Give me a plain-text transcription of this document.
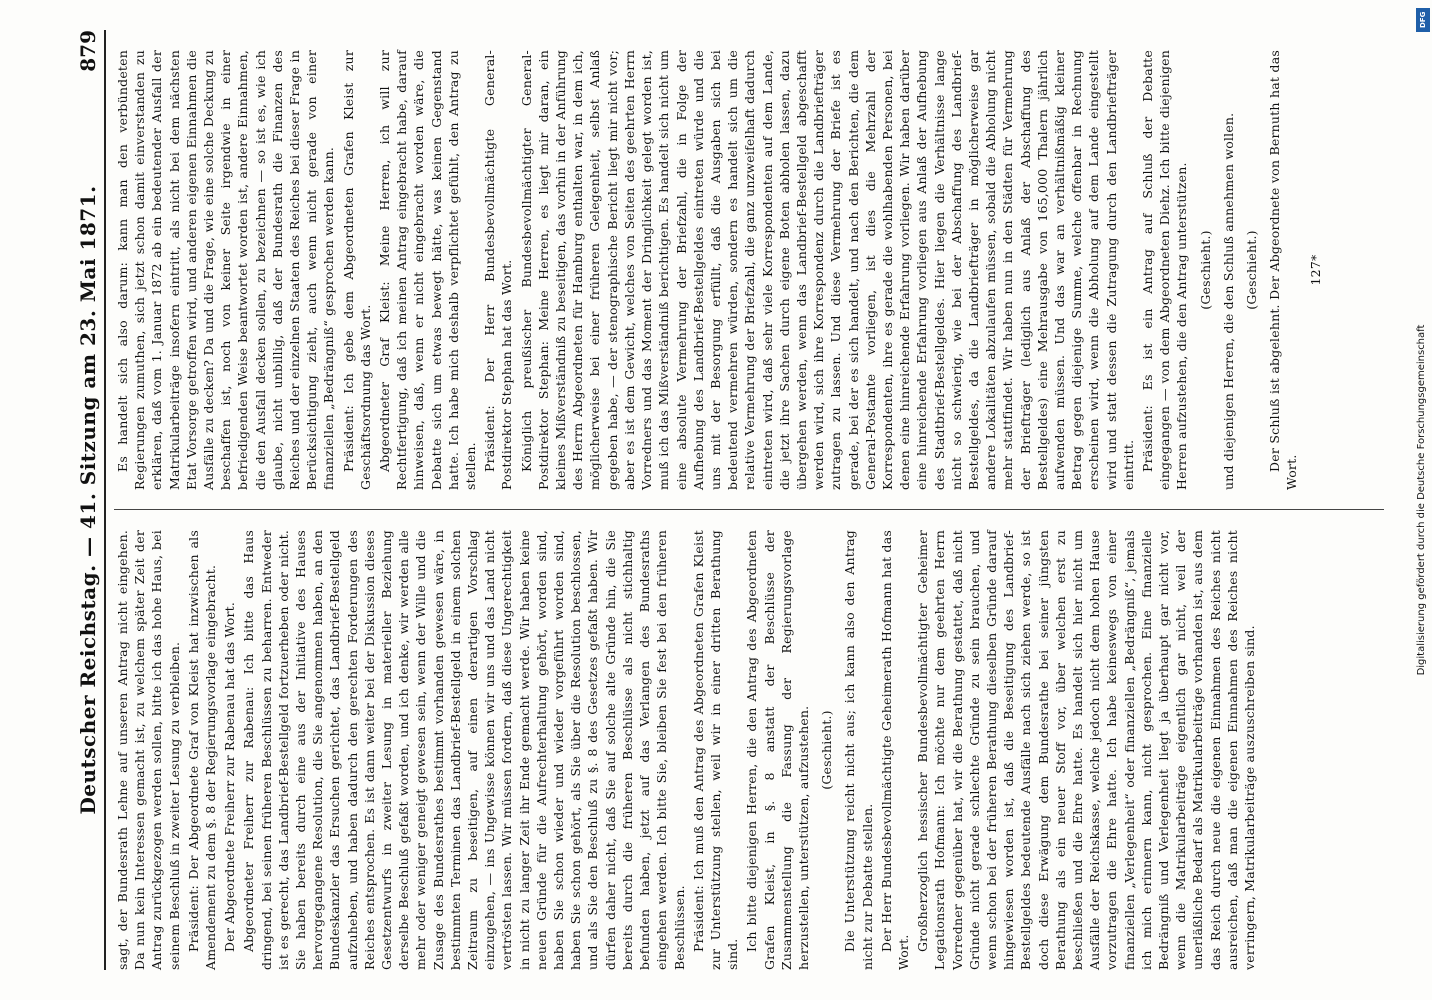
Deutscher Reichstag. — 41. Sitzung am 23. Mai 1871.
879

sagt, der Bundesrath Lehne auf unseren Antrag nicht eingehen. Da nun kein Interessen gemacht ist, zu welchem später Zeit der Antrag zurückgezogen werden sollen, bitte ich das hohe Haus, bei seinem Beschluß in zweiter Lesung zu verbleiben. Präsident: Der Abgeordnete Graf von Kleist hat inzwischen als Amendement zu dem §. 8 der Regierungsvorlage eingebracht. Der Abgeordnete Freiherr zur Rabenau hat das Wort. Abgeordneter Freiherr zur Rabenau: Ich bitte das Haus dringend, bei seinen früheren Beschlüssen zu beharren. Entweder ist es gerecht, das Landbrief-Bestellgeld fortzuerheben oder nicht. Sie haben bereits durch eine aus der Initiative des Hauses hervorgegangene Resolution, die Sie angenommen haben, an den Bundeskanzler das Ersuchen gerichtet, das Landbrief-Bestellgeld aufzuheben, und haben dadurch den gerechten Forderungen des Reiches entsprochen. Es ist dann weiter bei der Diskussion dieses Gesetzentwurfs in zweiter Lesung in materieller Beziehung derselbe Beschluß gefaßt worden, und ich denke, wir werden alle mehr oder weniger geneigt gewesen sein, wenn der Wille und die Zusage des Bundesrathes bestimmt vorhanden gewesen wäre, in bestimmten Terminen das Landbrief-Bestellgeld in einem solchen Zeitraum zu beseitigen, auf einen derartigen Vorschlag einzugehen, — ins Ungewisse können wir uns und das Land nicht vertrösten lassen. Wir müssen fordern, daß diese Ungerechtigkeit in nicht zu langer Zeit ihr Ende gemacht werde. Wir haben keine neuen Gründe für die Aufrechterhaltung gehört, worden sind, haben Sie schon wieder und wieder vorgeführt worden sind, haben Sie schon gehört, als Sie über die Resolution beschlossen, und als Sie den Beschluß zu §. 8 des Gesetzes gefaßt haben. Wir dürfen daher nicht, daß Sie auf solche alte Gründe hin, die Sie bereits durch die früheren Beschlüsse als nicht stichhaltig befunden haben, jetzt auf das Verlangen des Bundesraths eingehen werden. Ich bitte Sie, bleiben Sie fest bei den früheren Beschlüssen. Präsident: Ich muß den Antrag des Abgeordneten Grafen Kleist zur Unterstützung stellen, weil wir in einer dritten Berathung sind.

Ich bitte diejenigen Herren, die den Antrag des Abgeordneten Grafen Kleist, in §. 8 anstatt der Beschlüsse der Zusammenstellung die Fassung der Regierungsvorlage herzustellen, unterstützen, aufzustehen. (Geschieht.) Die Unterstützung reicht nicht aus; ich kann also den Antrag nicht zur Debatte stellen. Der Herr Bundesbevollmächtigte Geheimerath Hofmann hat das Wort.

Großherzoglich hessischer Bundesbevollmächtigter Geheimer Legationsrath Hofmann: Ich möchte nur dem geehrten Herrn Vorredner gegenüber hat, wir die Berathung gestattet, daß nicht Gründe nicht gerade schlechte Gründe zu sein brauchen, und wenn schon bei der früheren Berathung dieselben Gründe darauf hingewiesen worden ist, daß die Beseitigung des Landbrief-Bestellgeldes bedeutende Ausfälle nach sich ziehen werde, so ist doch diese Erwägung dem Bundesrathe bei seiner jüngsten Berathung als ein neuer Stoff vor, über welchen erst zu beschließen und die Ehre hatte. Es handelt sich hier nicht um Ausfälle der Reichskasse, welche jedoch nicht dem hohen Hause vorzutragen die Ehre hatte. Ich habe keineswegs von einer finanziellen „Verlegenheit“ oder finanziellen „Bedrängniß“, jemals ich mich erinnern kann, nicht gesprochen. Eine finanzielle Bedrängniß und Verlegenheit liegt ja überhaupt gar nicht vor, wenn die Matrikularbeiträge eigentlich gar nicht, weil der unerläßliche Bedarf als Matrikularbeiträge vorhanden ist, aus dem das Reich durch neue die eigenen Einnahmen des Reiches nicht ausreichen, daß man die eigenen Einnahmen des Reiches nicht verringern, Matrikularbeiträge auszuschreiben sind.

Es handelt sich also darum: kann man den verbündeten Regierungen zumuthen, sich jetzt schon damit einverstanden zu erklären, daß vom 1. Januar 1872 ab ein bedeutender Ausfall der Matrikularbeiträge insofern eintritt, als nicht bei dem nächsten Etat Vorsorge getroffen wird, und anderen eigenen Einnahmen die Ausfälle zu decken? Da und die Frage, wie eine solche Deckung zu beschaffen ist, noch von keiner Seite irgendwie in einer befriedigenden Weise beantwortet worden ist, andere Einnahmen, die den Ausfall decken sollen, zu bezeichnen — so ist es, wie ich glaube, nicht unbillig, daß der Bundesrath die Finanzen des Reiches und der einzelnen Staaten des Reiches bei dieser Frage in Berücksichtigung zieht, auch wenn nicht gerade von einer finanziellen „Bedrängniß“ gesprochen werden kann. Präsident: Ich gebe dem Abgeordneten Grafen Kleist zur Geschäftsordnung das Wort. Abgeordneter Graf Kleist: Meine Herren, ich will zur Rechtfertigung, daß ich meinen Antrag eingebracht habe, darauf hinweisen, daß, wenn er nicht eingebracht worden wäre, die Debatte sich um etwas bewegt hätte, was keinen Gegenstand hatte. Ich habe mich deshalb verpflichtet gefühlt, den Antrag zu stellen. Präsident: Der Herr Bundesbevollmächtigte General-Postdirektor Stephan hat das Wort. Königlich preußischer Bundesbevollmächtigter General-Postdirektor Stephan: Meine Herren, es liegt mir daran, ein kleines Mißverständniß zu beseitigen, das vorhin in der Anführung des Herrn Abgeordneten für Hamburg enthalten war, in dem ich, möglicherweise bei einer früheren Gelegenheit, selbst Anlaß gegeben habe, — der stenographische Bericht liegt mir nicht vor; aber es ist dem Gewicht, welches von Seiten des geehrten Herrn Vorredners und das Moment der Dringlichkeit gelegt worden ist, muß ich das Mißverständniß berichtigen. Es handelt sich nicht um eine absolute Vermehrung der Briefzahl, die in Folge der Aufhebung des Landbrief-Bestellgeldes eintreten würde und die uns mit der Besorgung erfüllt, daß die Ausgaben sich bei bedeutend vermehren würden, sondern es handelt sich um die relative Vermehrung der Briefzahl, die ganz unzweifelhaft dadurch eintreten wird, daß sehr viele Korrespondenten auf dem Lande, die jetzt ihre Sachen durch eigene Boten abholen lassen, dazu übergehen werden, wenn das Landbrief-Bestellgeld abgeschafft werden wird, sich ihre Korrespondenz durch die Landbriefträger zutragen zu lassen. Und diese Vermehrung der Briefe ist es gerade, bei der es sich handelt, und nach den Berichten, die dem General-Postamte vorliegen, ist dies die Mehrzahl der Korrespondenten, ihre es gerade die wohlhabenden Personen, bei denen eine hinreichende Erfahrung vorliegen. Wir haben darüber eine hinreichende Erfahrung vorliegen aus Anlaß der Aufhebung des Stadtbrief-Bestellgeldes. Hier liegen die Verhältnisse lange nicht so schwierig, wie bei der Abschaffung des Landbrief-Bestellgeldes, da die Landbriefträger in möglicherweise gar andere Lokalitäten abzulaufen müssen, sobald die Abholung nicht mehr stattfindet. Wir haben nun in den Städten für Vermehrung der Briefträger (lediglich aus Anlaß der Abschaffung des Bestellgeldes) eine Mehrausgabe von 165,000 Thalern jährlich aufwenden müssen. Und das war an verhältnißmäßig kleiner Betrag gegen diejenige Summe, welche offenbar in Rechnung erscheinen wird, wenn die Abholung auf dem Lande eingestellt wird und statt dessen die Zutragung durch den Landbriefträger eintritt. Präsident: Es ist ein Antrag auf Schluß der Debatte eingegangen — von dem Abgeordneten Diehz. Ich bitte diejenigen Herren aufzustehen, die den Antrag unterstützen. (Geschieht.) und diejenigen Herren, die den Schluß annehmen wollen. (Geschieht.) Der Schluß ist abgelehnt. Der Abgeordnete von Bernuth hat das Wort.

127*

Digitalisierung gefördert durch die Deutsche Forschungsgemeinschaft
DFG
